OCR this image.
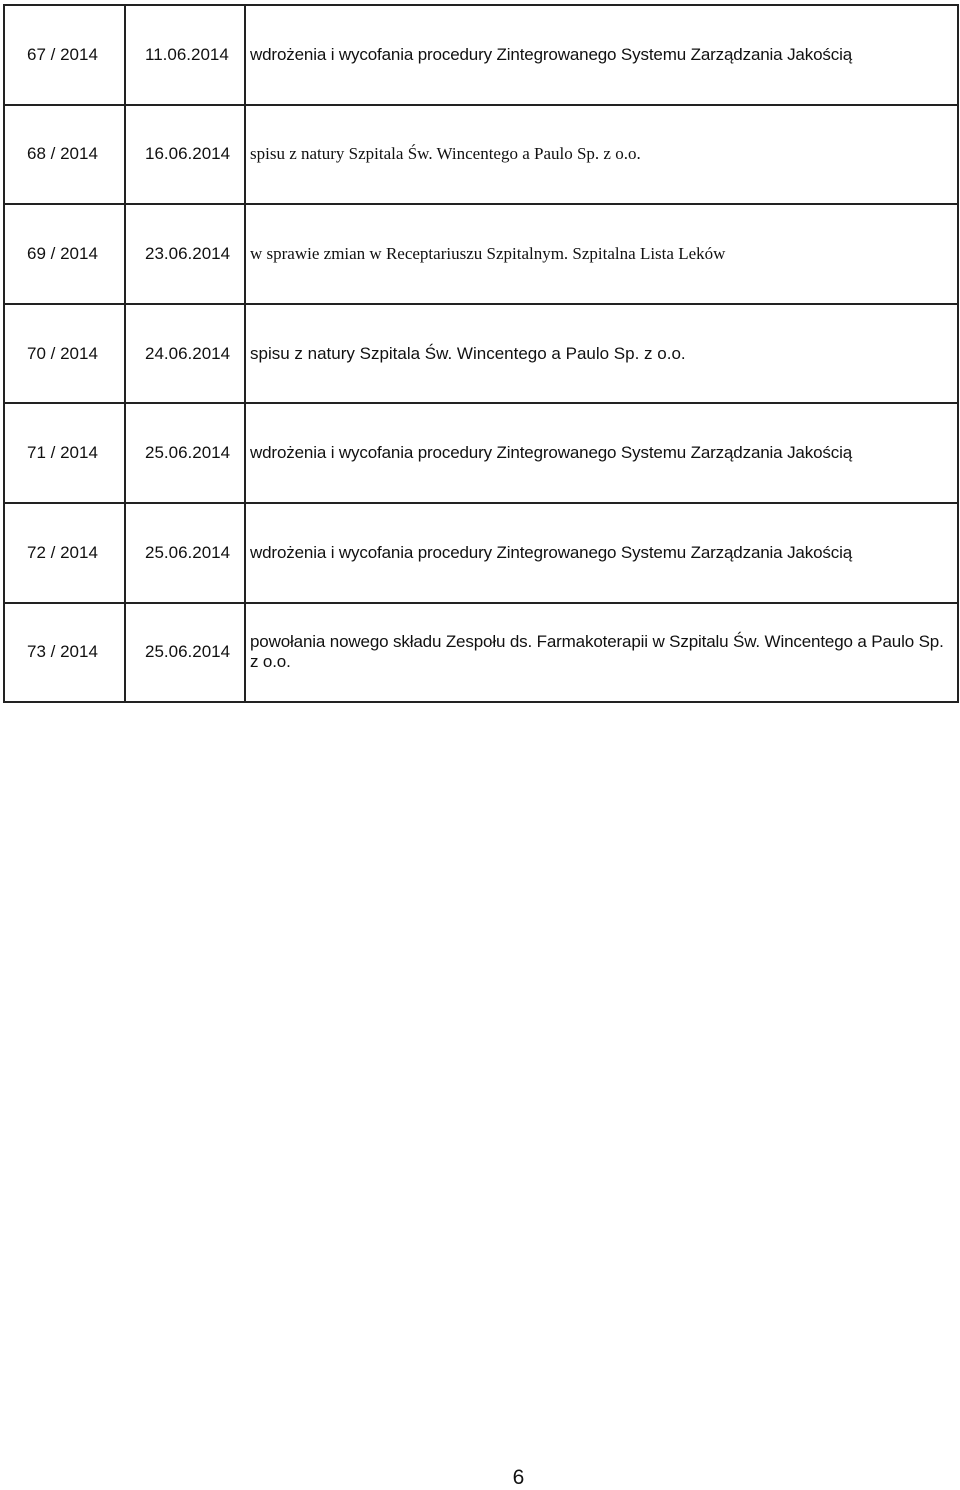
67 / 2014	11.06.2014	wdrożenia i wycofania procedury Zintegrowanego Systemu Zarządzania Jakością
68 / 2014	16.06.2014	spisu z natury Szpitala Św. Wincentego a Paulo Sp. z o.o.
69 / 2014	23.06.2014	w sprawie zmian w Receptariuszu Szpitalnym. Szpitalna Lista Leków
70 / 2014	24.06.2014	spisu z natury Szpitala Św. Wincentego a Paulo Sp. z o.o.
71 / 2014	25.06.2014	wdrożenia i wycofania procedury Zintegrowanego Systemu Zarządzania Jakością
72 / 2014	25.06.2014	wdrożenia i wycofania procedury Zintegrowanego Systemu Zarządzania Jakością
73 / 2014	25.06.2014	powołania nowego składu Zespołu ds. Farmakoterapii w Szpitalu Św. Wincentego a Paulo Sp. z o.o.
6
